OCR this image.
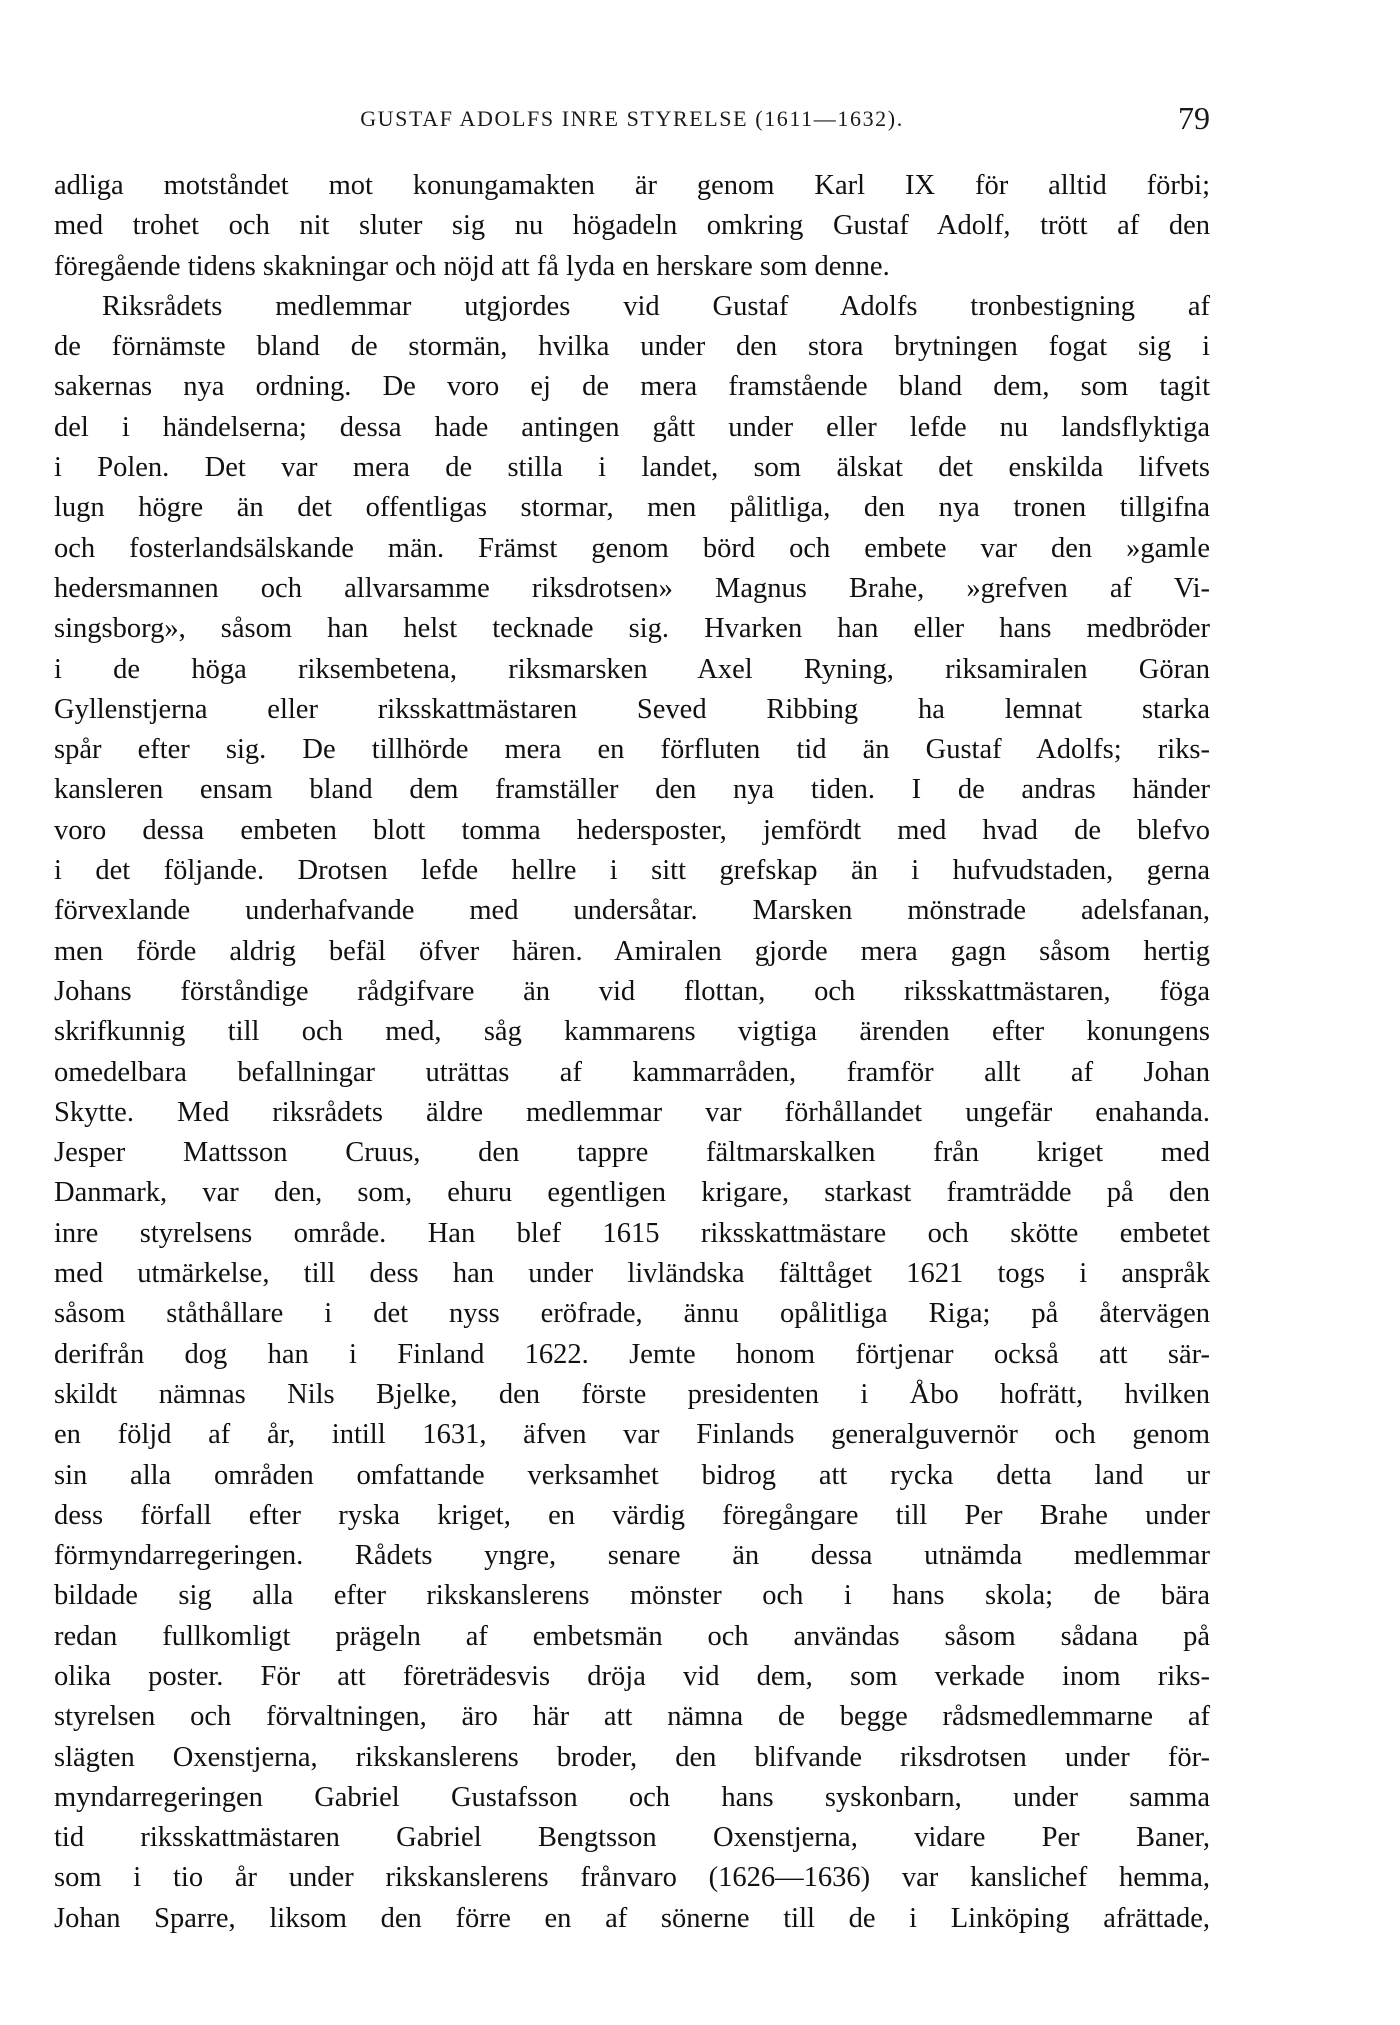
GUSTAF ADOLFS INRE STYRELSE (1611—1632).	79
adliga motståndet mot konungamakten är genom Karl IX för alltid förbi;
med trohet och nit sluter sig nu högadeln omkring Gustaf Adolf, trött af den
föregående tidens skakningar och nöjd att få lyda en herskare som denne.
Riksrådets medlemmar utgjordes vid Gustaf Adolfs tronbestigning af
de förnämste bland de stormän, hvilka under den stora brytningen fogat sig i
sakernas nya ordning. De voro ej de mera framstående bland dem, som tagit
del i händelserna; dessa hade antingen gått under eller lefde nu landsflyktiga
i Polen. Det var mera de stilla i landet, som älskat det enskilda lifvets
lugn högre än det offentligas stormar, men pålitliga, den nya tronen tillgifna
och fosterlandsälskande män. Främst genom börd och embete var den »gamle
hedersmannen och allvarsamme riksdrotsen» Magnus Brahe, »grefven af Vi-
singsborg», såsom han helst tecknade sig. Hvarken han eller hans medbröder
i de höga riksembetena, riksmarsken Axel Ryning, riksamiralen Göran
Gyllenstjerna eller riksskattmästaren Seved Ribbing ha lemnat starka
spår efter sig. De tillhörde mera en förfluten tid än Gustaf Adolfs; riks-
kansleren ensam bland dem framställer den nya tiden. I de andras händer
voro dessa embeten blott tomma hedersposter, jemfördt med hvad de blefvo
i det följande. Drotsen lefde hellre i sitt grefskap än i hufvudstaden, gerna
förvexlande underhafvande med undersåtar. Marsken mönstrade adelsfanan,
men förde aldrig befäl öfver hären. Amiralen gjorde mera gagn såsom hertig
Johans förståndige rådgifvare än vid flottan, och riksskattmästaren, föga
skrifkunnig till och med, såg kammarens vigtiga ärenden efter konungens
omedelbara befallningar uträttas af kammarråden, framför allt af Johan
Skytte. Med riksrådets äldre medlemmar var förhållandet ungefär enahanda.
Jesper Mattsson Cruus, den tappre fältmarskalken från kriget med
Danmark, var den, som, ehuru egentligen krigare, starkast framträdde på den
inre styrelsens område. Han blef 1615 riksskattmästare och skötte embetet
med utmärkelse, till dess han under livländska fälttåget 1621 togs i anspråk
såsom ståthållare i det nyss eröfrade, ännu opålitliga Riga; på återvägen
derifrån dog han i Finland 1622. Jemte honom förtjenar också att sär-
skildt nämnas Nils Bjelke, den förste presidenten i Åbo hofrätt, hvilken
en följd af år, intill 1631, äfven var Finlands generalguvernör och genom
sin alla områden omfattande verksamhet bidrog att rycka detta land ur
dess förfall efter ryska kriget, en värdig föregångare till Per Brahe under
förmyndarregeringen. Rådets yngre, senare än dessa utnämda medlemmar
bildade sig alla efter rikskanslerens mönster och i hans skola; de bära
redan fullkomligt prägeln af embetsmän och användas såsom sådana på
olika poster. För att företrädesvis dröja vid dem, som verkade inom riks-
styrelsen och förvaltningen, äro här att nämna de begge rådsmedlemmarne af
slägten Oxenstjerna, rikskanslerens broder, den blifvande riksdrotsen under för-
myndarregeringen Gabriel Gustafsson och hans syskonbarn, under samma
tid riksskattmästaren Gabriel Bengtsson Oxenstjerna, vidare Per Baner,
som i tio år under rikskanslerens frånvaro (1626—1636) var kanslichef hemma,
Johan Sparre, liksom den förre en af sönerne till de i Linköping afrättade,
